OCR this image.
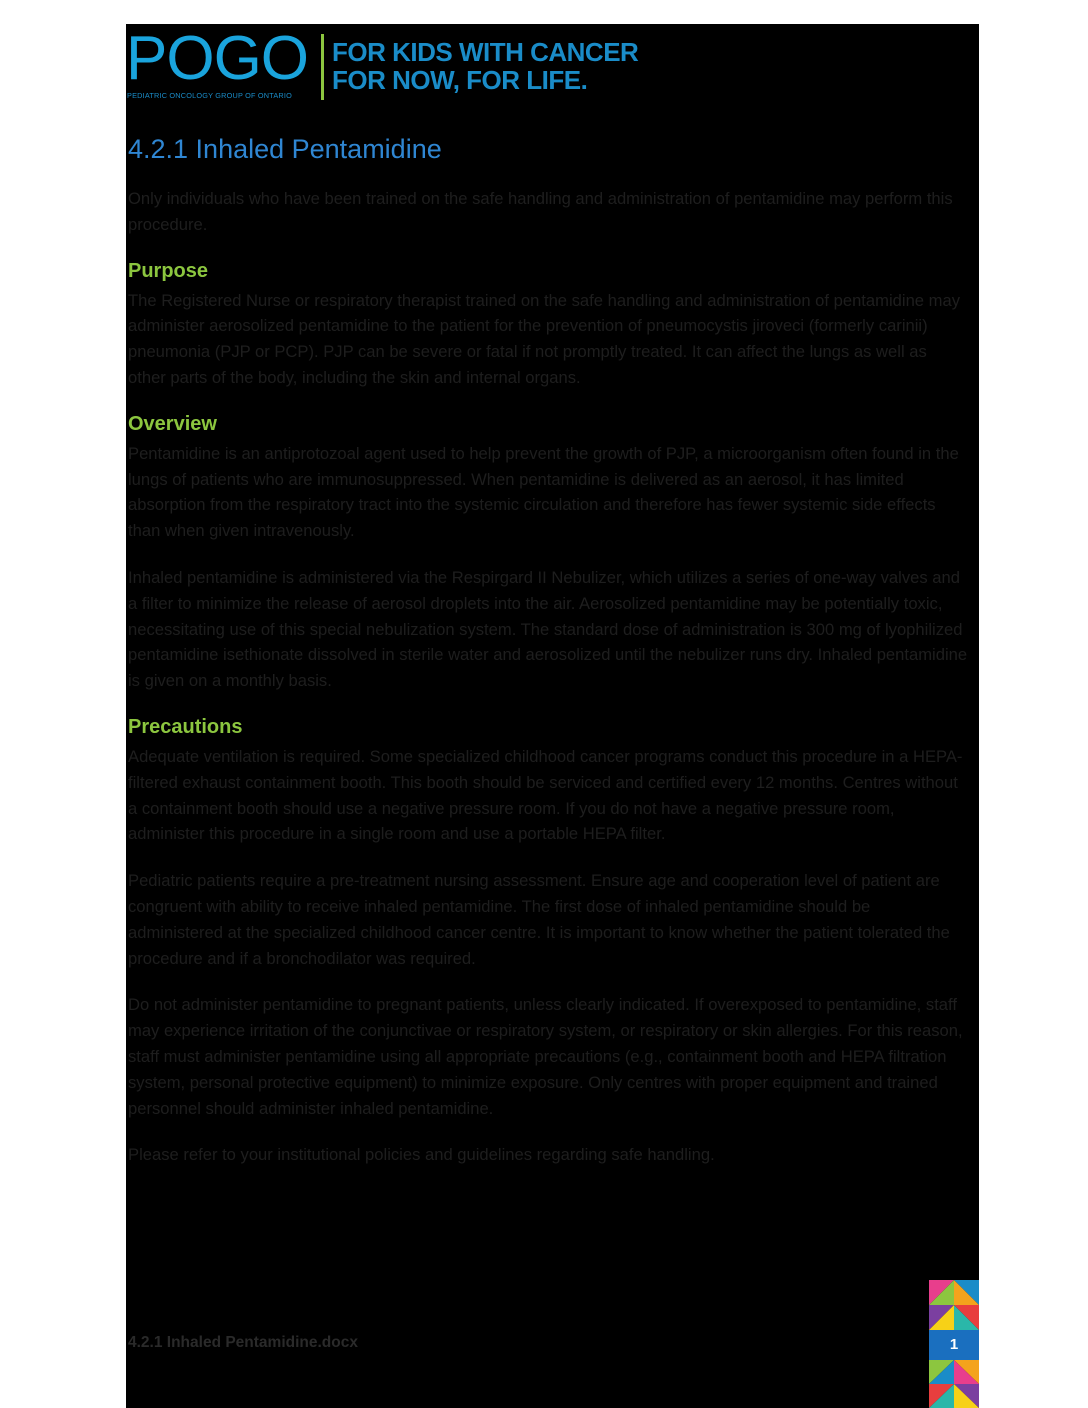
POGO
PEDIATRIC ONCOLOGY GROUP OF ONTARIO
FOR KIDS WITH CANCER
FOR NOW, FOR LIFE.
4.2.1 Inhaled Pentamidine

Only individuals who have been trained on the safe handling and administration of pentamidine may perform this procedure.

Purpose

The Registered Nurse or respiratory therapist trained on the safe handling and administration of pentamidine may administer aerosolized pentamidine to the patient for the prevention of pneumocystis jiroveci (formerly carinii) pneumonia (PJP or PCP). PJP can be severe or fatal if not promptly treated. It can affect the lungs as well as other parts of the body, including the skin and internal organs.

Overview

Pentamidine is an antiprotozoal agent used to help prevent the growth of PJP, a microorganism often found in the lungs of patients who are immunosuppressed. When pentamidine is delivered as an aerosol, it has limited absorption from the respiratory tract into the systemic circulation and therefore has fewer systemic side effects than when given intravenously.

Inhaled pentamidine is administered via the Respirgard II Nebulizer, which utilizes a series of one-way valves and a filter to minimize the release of aerosol droplets into the air. Aerosolized pentamidine may be potentially toxic, necessitating use of this special nebulization system. The standard dose of administration is 300 mg of lyophilized pentamidine isethionate dissolved in sterile water and aerosolized until the nebulizer runs dry. Inhaled pentamidine is given on a monthly basis.

Precautions

Adequate ventilation is required. Some specialized childhood cancer programs conduct this procedure in a HEPA-filtered exhaust containment booth. This booth should be serviced and certified every 12 months. Centres without a containment booth should use a negative pressure room. If you do not have a negative pressure room, administer this procedure in a single room and use a portable HEPA filter.

Pediatric patients require a pre-treatment nursing assessment. Ensure age and cooperation level of patient are congruent with ability to receive inhaled pentamidine. The first dose of inhaled pentamidine should be administered at the specialized childhood cancer centre. It is important to know whether the patient tolerated the procedure and if a bronchodilator was required.

Do not administer pentamidine to pregnant patients, unless clearly indicated. If overexposed to pentamidine, staff may experience irritation of the conjunctivae or respiratory system, or respiratory or skin allergies. For this reason, staff must administer pentamidine using all appropriate precautions (e.g., containment booth and HEPA filtration system, personal protective equipment) to minimize exposure. Only centres with proper equipment and trained personnel should administer inhaled pentamidine.

Please refer to your institutional policies and guidelines regarding safe handling.

4.2.1 Inhaled Pentamidine.docx	1
